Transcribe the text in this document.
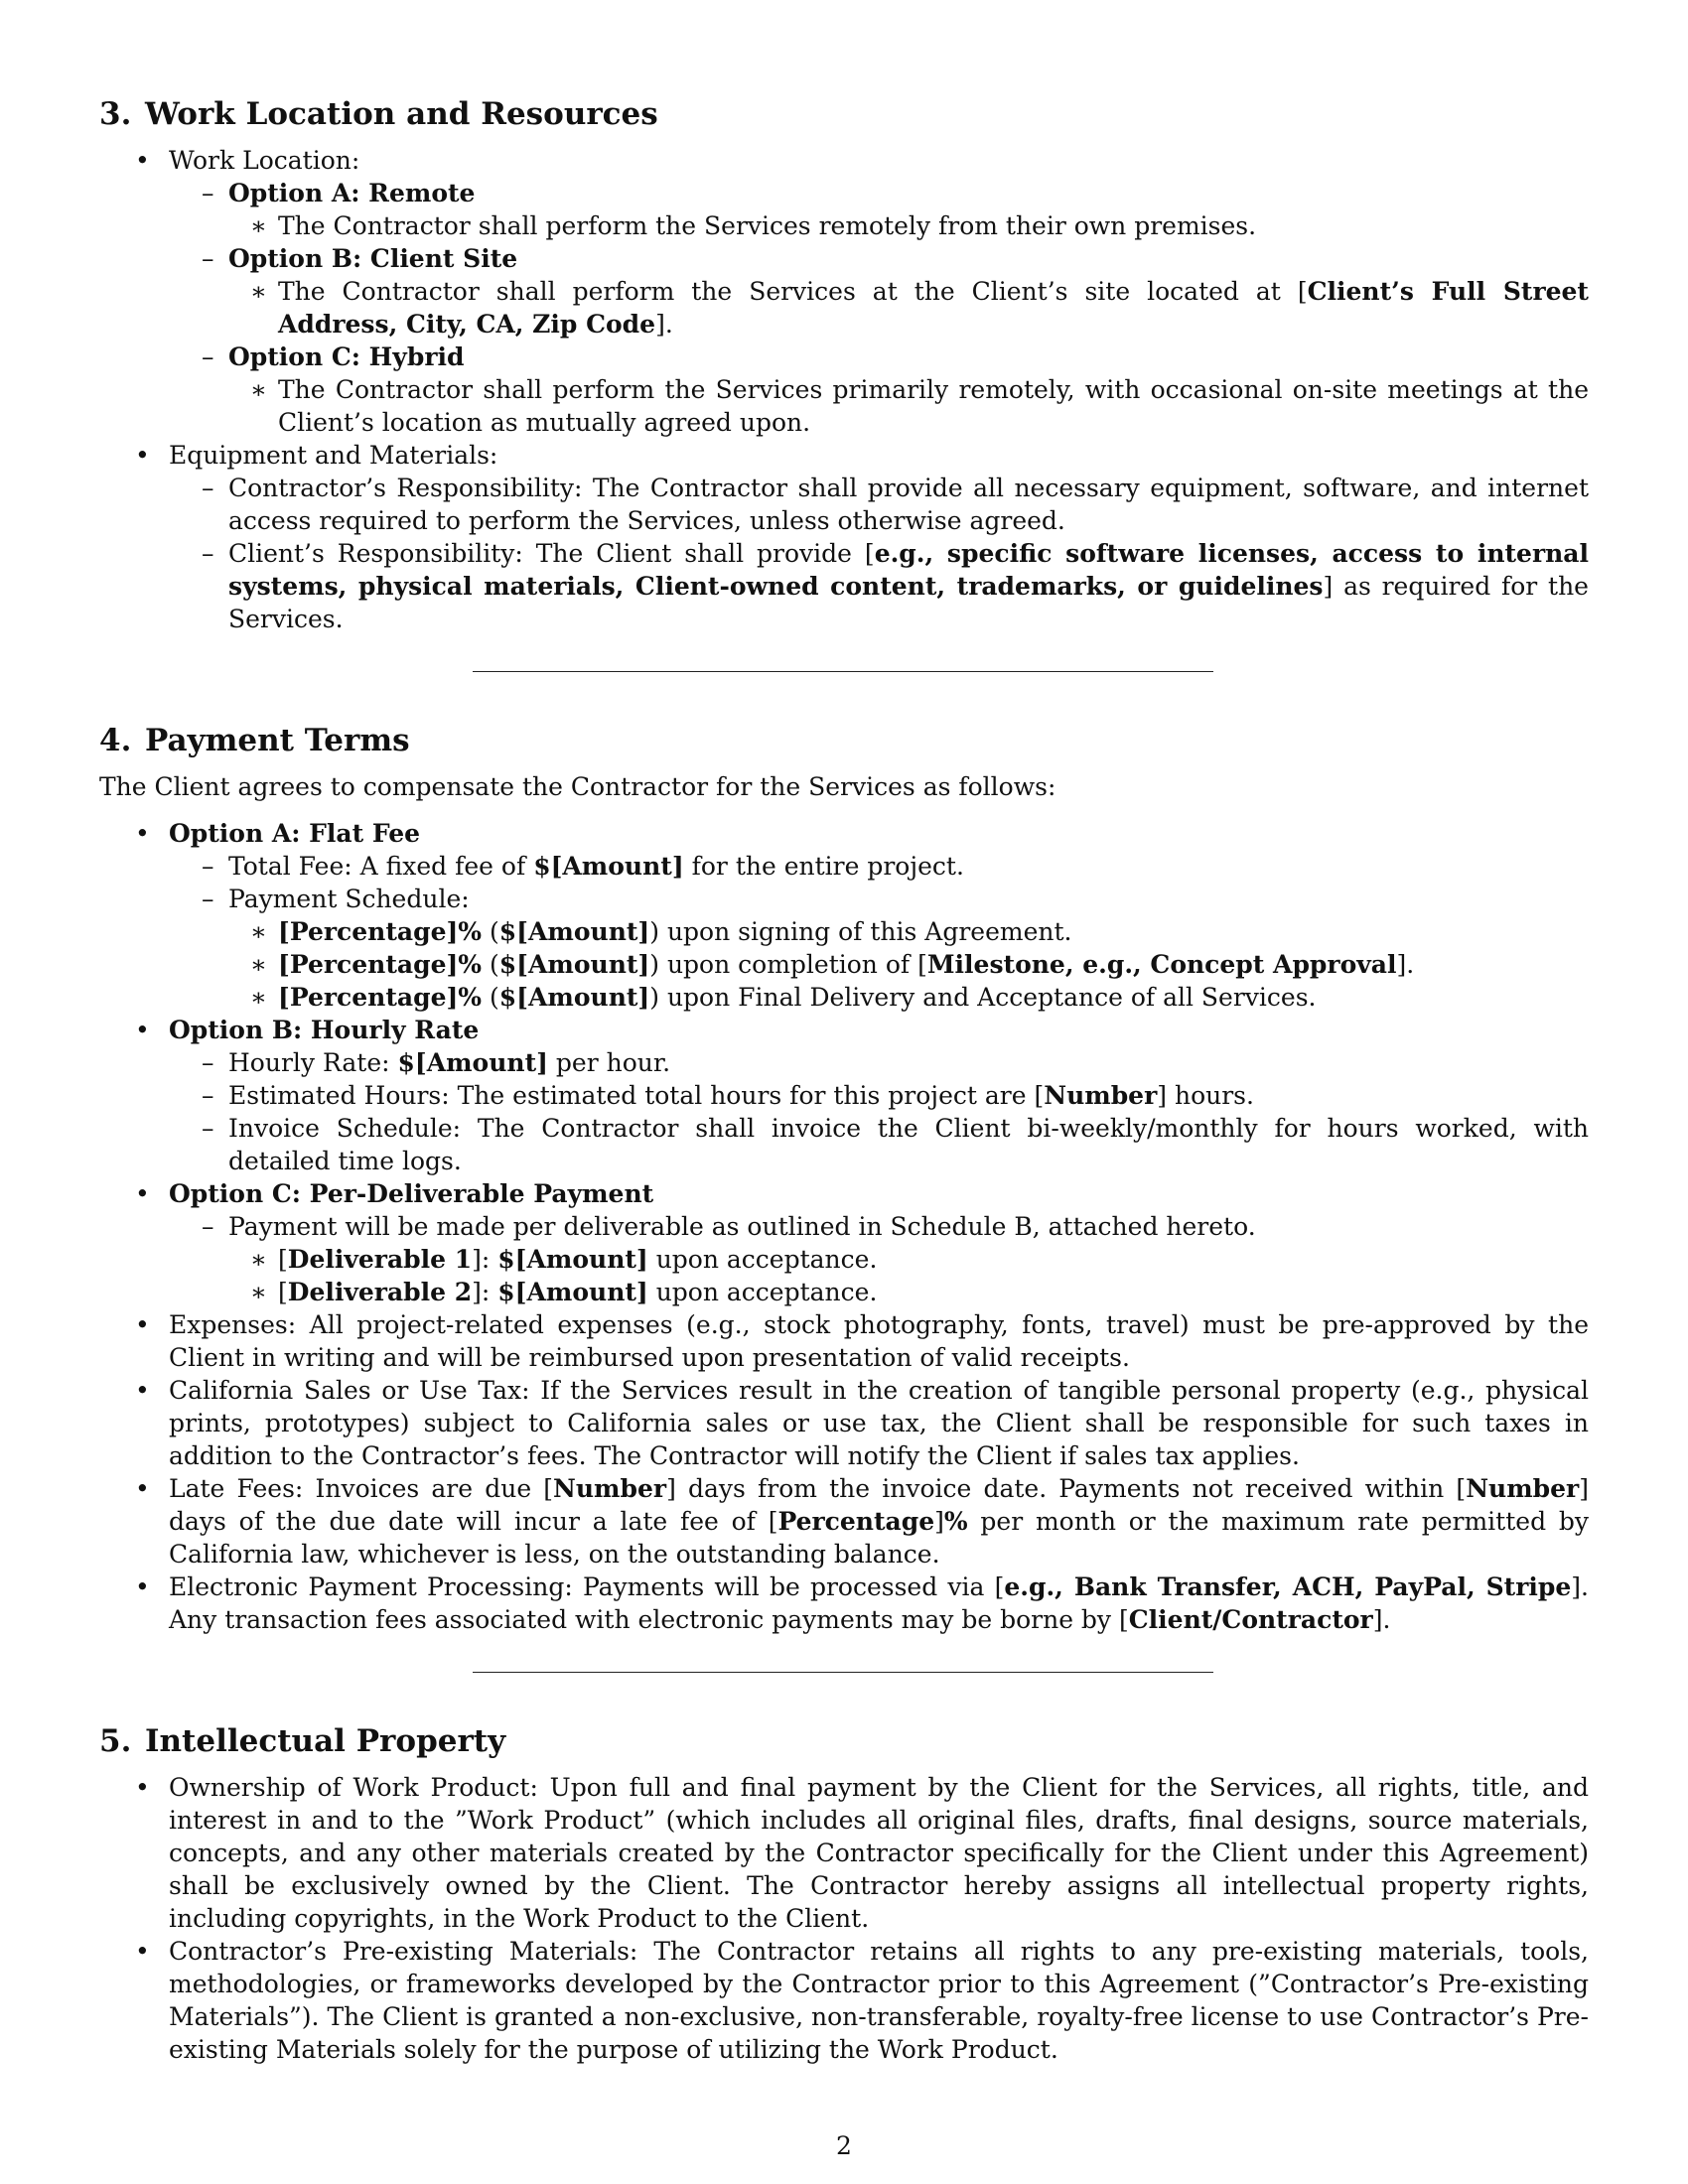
3. Work Location and Resources
• Work Location:
– Option A: Remote
∗ The Contractor shall perform the Services remotely from their own premises.
– Option B: Client Site
∗ The Contractor shall perform the Services at the Client’s site located at [Client’s Full Street Address, City, CA, Zip Code].
– Option C: Hybrid
∗ The Contractor shall perform the Services primarily remotely, with occasional on-site meetings at the Client’s location as mutually agreed upon.
• Equipment and Materials:
– Contractor’s Responsibility: The Contractor shall provide all necessary equipment, software, and internet access required to perform the Services, unless otherwise agreed.
– Client’s Responsibility: The Client shall provide [e.g., specific software licenses, access to internal systems, physical materials, Client-owned content, trademarks, or guidelines] as required for the Services.
4. Payment Terms
The Client agrees to compensate the Contractor for the Services as follows:
• Option A: Flat Fee
– Total Fee: A fixed fee of $[Amount] for the entire project.
– Payment Schedule:
∗ [Percentage]% ($[Amount]) upon signing of this Agreement.
∗ [Percentage]% ($[Amount]) upon completion of [Milestone, e.g., Concept Approval].
∗ [Percentage]% ($[Amount]) upon Final Delivery and Acceptance of all Services.
• Option B: Hourly Rate
– Hourly Rate: $[Amount] per hour.
– Estimated Hours: The estimated total hours for this project are [Number] hours.
– Invoice Schedule: The Contractor shall invoice the Client bi-weekly/monthly for hours worked, with detailed time logs.
• Option C: Per-Deliverable Payment
– Payment will be made per deliverable as outlined in Schedule B, attached hereto.
∗ [Deliverable 1]: $[Amount] upon acceptance.
∗ [Deliverable 2]: $[Amount] upon acceptance.
• Expenses: All project-related expenses (e.g., stock photography, fonts, travel) must be pre-approved by the Client in writing and will be reimbursed upon presentation of valid receipts.
• California Sales or Use Tax: If the Services result in the creation of tangible personal property (e.g., physical prints, prototypes) subject to California sales or use tax, the Client shall be responsible for such taxes in addition to the Contractor’s fees. The Contractor will notify the Client if sales tax applies.
• Late Fees: Invoices are due [Number] days from the invoice date. Payments not received within [Number] days of the due date will incur a late fee of [Percentage]% per month or the maximum rate permitted by California law, whichever is less, on the outstanding balance.
• Electronic Payment Processing: Payments will be processed via [e.g., Bank Transfer, ACH, PayPal, Stripe]. Any transaction fees associated with electronic payments may be borne by [Client/Contractor].
5. Intellectual Property
• Ownership of Work Product: Upon full and final payment by the Client for the Services, all rights, title, and interest in and to the ”Work Product” (which includes all original files, drafts, final designs, source materials, concepts, and any other materials created by the Contractor specifically for the Client under this Agreement) shall be exclusively owned by the Client. The Contractor hereby assigns all intellectual property rights, including copyrights, in the Work Product to the Client.
• Contractor’s Pre-existing Materials: The Contractor retains all rights to any pre-existing materials, tools, methodologies, or frameworks developed by the Contractor prior to this Agreement (”Contractor’s Pre-existing Materials”). The Client is granted a non-exclusive, non-transferable, royalty-free license to use Contractor’s Pre-existing Materials solely for the purpose of utilizing the Work Product.
2
